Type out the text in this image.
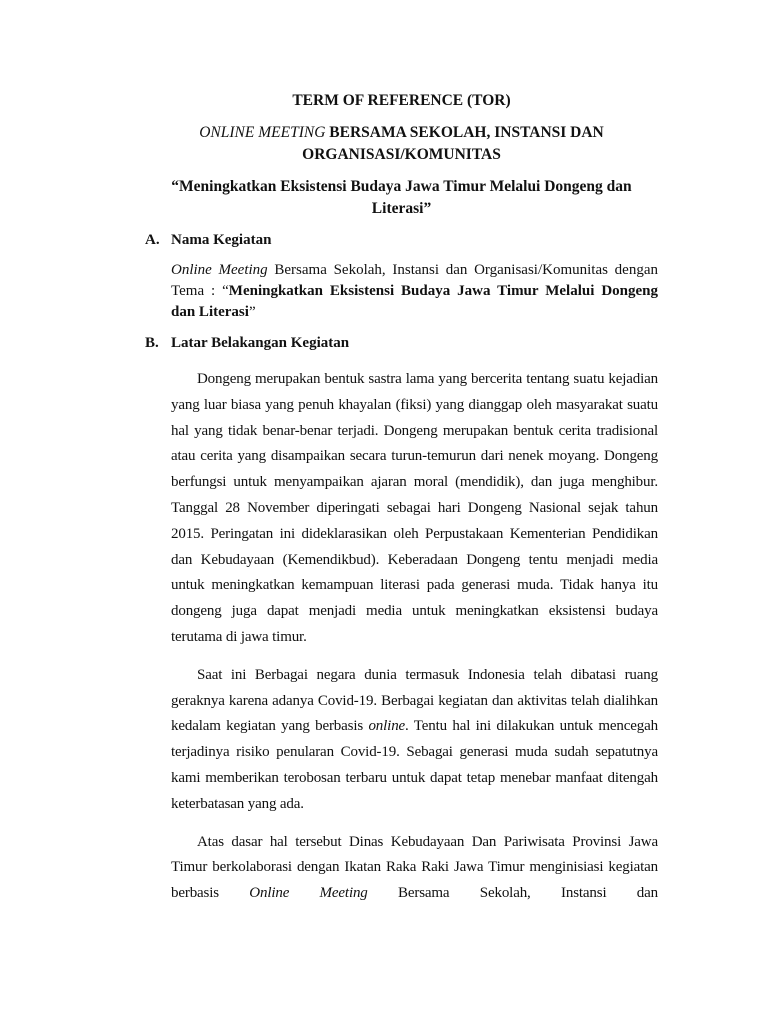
TERM OF REFERENCE (TOR)

ONLINE MEETING BERSAMA SEKOLAH, INSTANSI DAN
ORGANISASI/KOMUNITAS

“Meningkatkan Eksistensi Budaya Jawa Timur Melalui Dongeng dan
Literasi”

A. Nama Kegiatan

Online Meeting Bersama Sekolah, Instansi dan Organisasi/Komunitas dengan Tema : “Meningkatkan Eksistensi Budaya Jawa Timur Melalui Dongeng dan Literasi”

B. Latar Belakangan Kegiatan

Dongeng merupakan bentuk sastra lama yang bercerita tentang suatu kejadian yang luar biasa yang penuh khayalan (fiksi) yang dianggap oleh masyarakat suatu hal yang tidak benar-benar terjadi. Dongeng merupakan bentuk cerita tradisional atau cerita yang disampaikan secara turun-temurun dari nenek moyang. Dongeng berfungsi untuk menyampaikan ajaran moral (mendidik), dan juga menghibur. Tanggal 28 November diperingati sebagai hari Dongeng Nasional sejak tahun 2015. Peringatan ini dideklarasikan oleh Perpustakaan Kementerian Pendidikan dan Kebudayaan (Kemendikbud). Keberadaan Dongeng tentu menjadi media untuk meningkatkan kemampuan literasi pada generasi muda. Tidak hanya itu dongeng juga dapat menjadi media untuk meningkatkan eksistensi budaya terutama di jawa timur.

Saat ini Berbagai negara dunia termasuk Indonesia telah dibatasi ruang geraknya karena adanya Covid-19. Berbagai kegiatan dan aktivitas telah dialihkan kedalam kegiatan yang berbasis online. Tentu hal ini dilakukan untuk mencegah terjadinya risiko penularan Covid-19. Sebagai generasi muda sudah sepatutnya kami memberikan terobosan terbaru untuk dapat tetap menebar manfaat ditengah keterbatasan yang ada.

Atas dasar hal tersebut Dinas Kebudayaan Dan Pariwisata Provinsi Jawa Timur berkolaborasi dengan Ikatan Raka Raki Jawa Timur menginisiasi kegiatan berbasis Online Meeting Bersama Sekolah, Instansi dan
